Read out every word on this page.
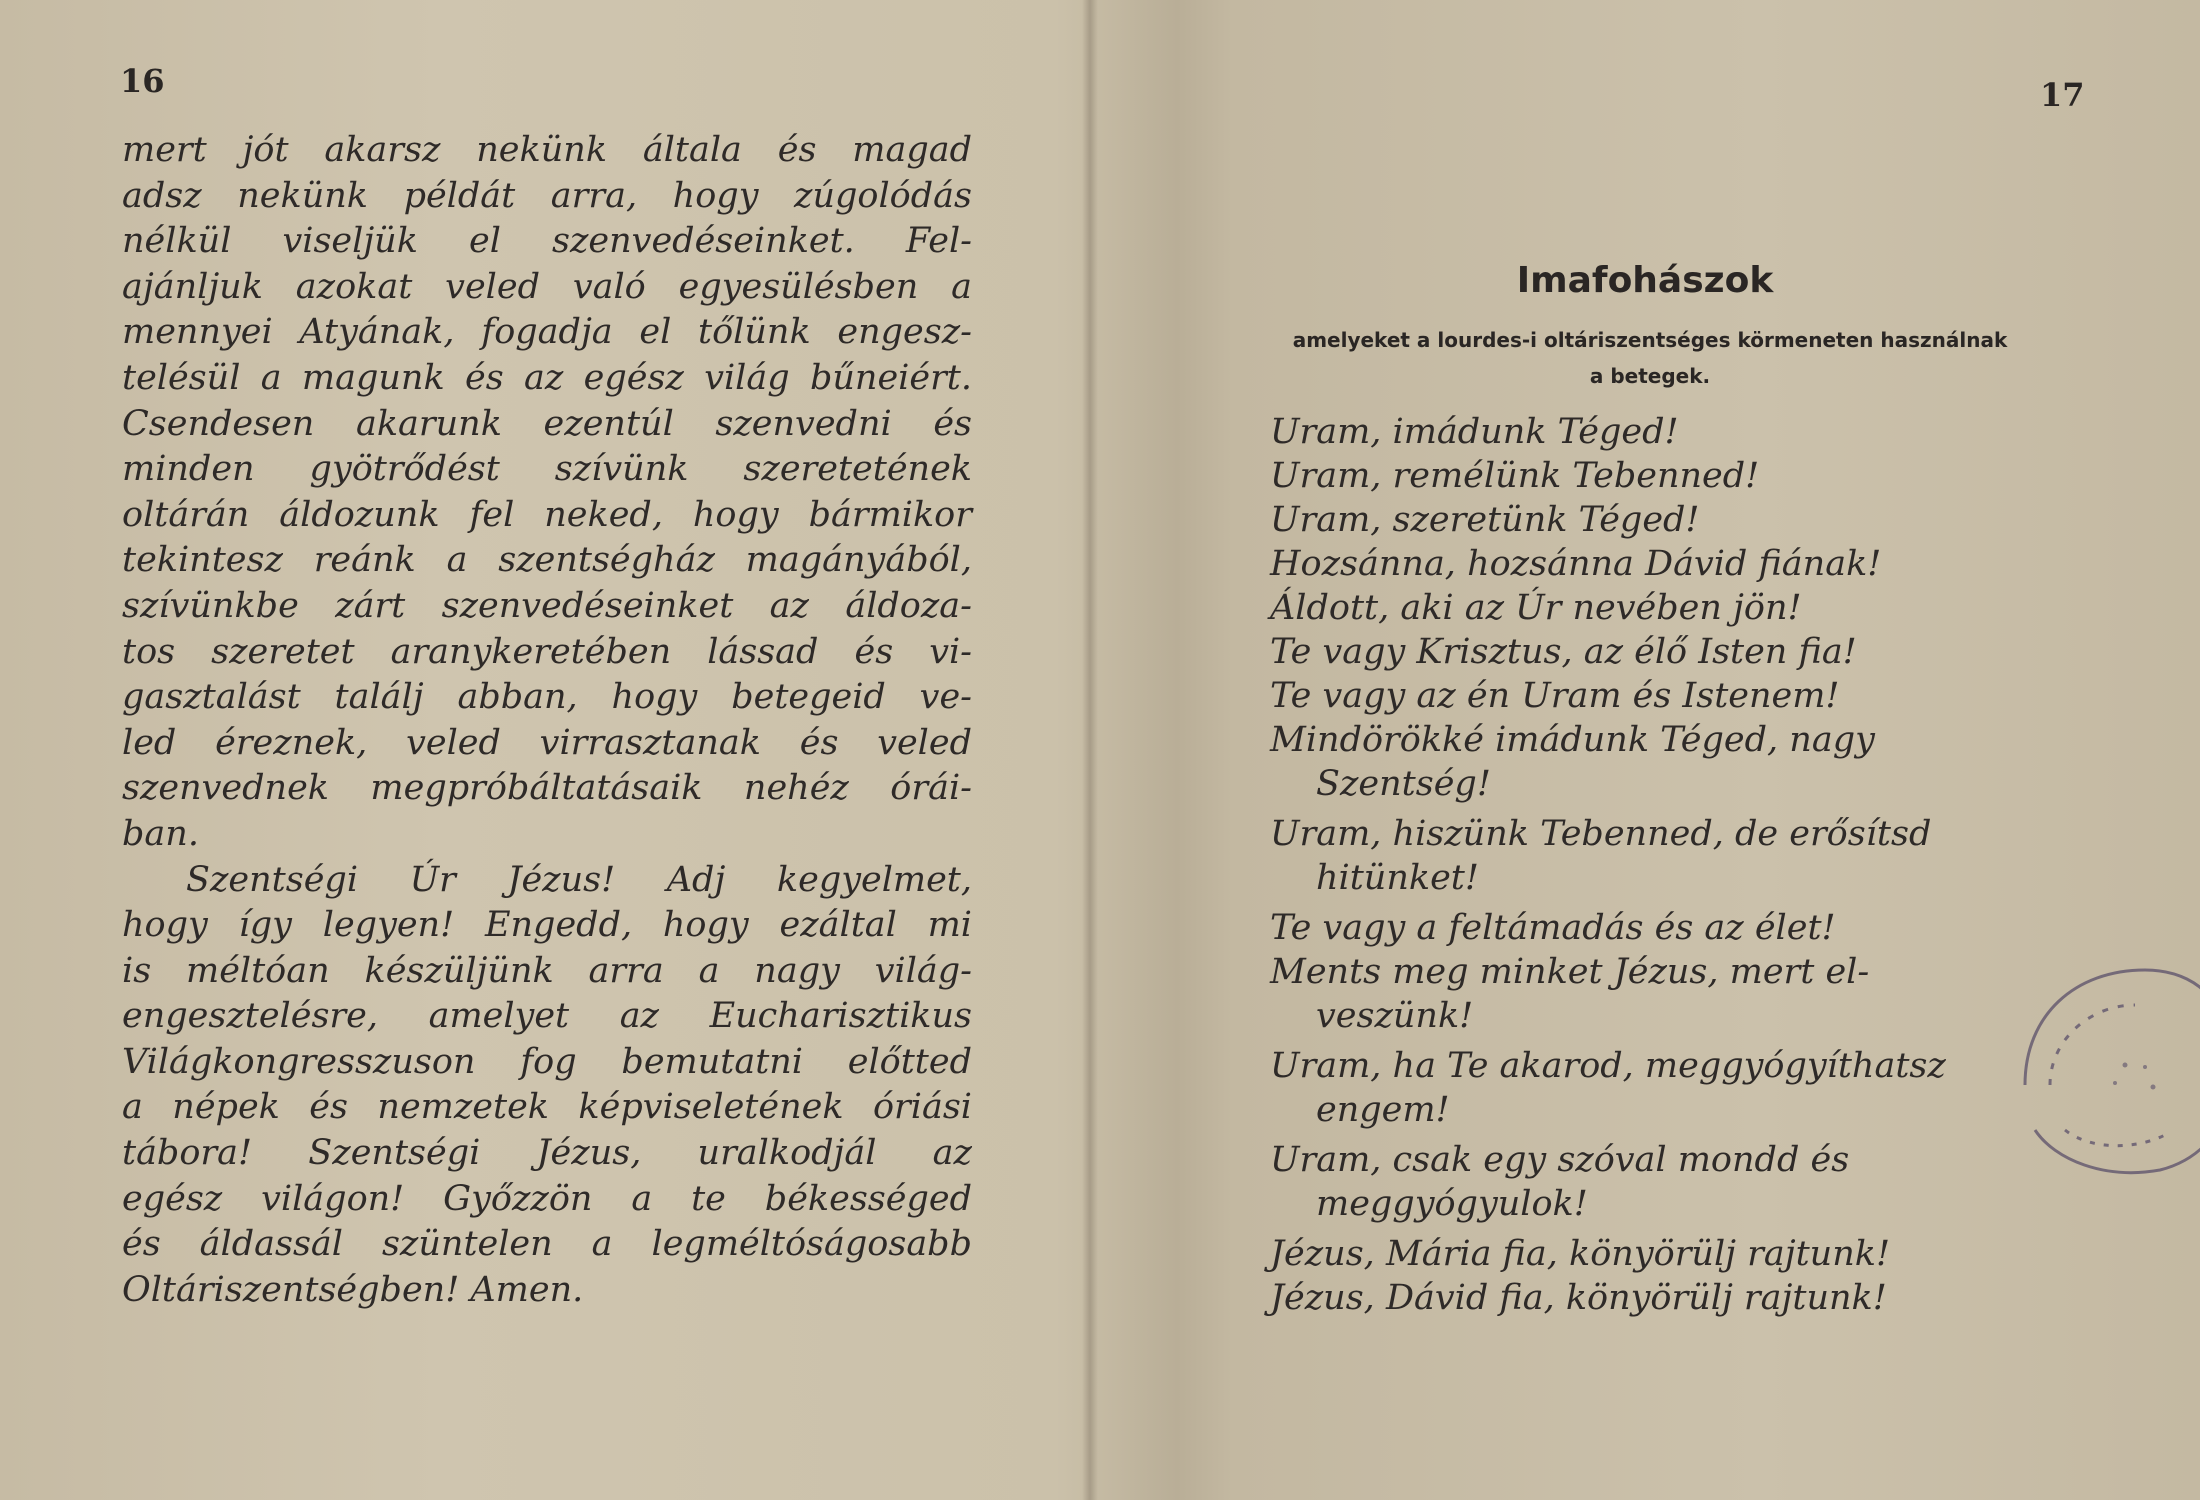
16
mert jót akarsz nekünk általa és magad
adsz nekünk példát arra, hogy zúgolódás
nélkül viseljük el szenvedéseinket. Fel-
ajánljuk azokat veled való egyesülésben a
mennyei Atyának, fogadja el tőlünk engesz-
telésül a magunk és az egész világ bűneiért.
Csendesen akarunk ezentúl szenvedni és
minden gyötrődést szívünk szeretetének
oltárán áldozunk fel neked, hogy bármikor
tekintesz reánk a szentségház magányából,
szívünkbe zárt szenvedéseinket az áldoza-
tos szeretet aranykeretében lássad és vi-
gasztalást találj abban, hogy betegeid ve-
led éreznek, veled virrasztanak és veled
szenvednek megpróbáltatásaik nehéz órái-
ban.
Szentségi Úr Jézus! Adj kegyelmet,
hogy így legyen! Engedd, hogy ezáltal mi
is méltóan készüljünk arra a nagy világ-
engesztelésre, amelyet az Eucharisztikus
Világkongresszuson fog bemutatni előtted
a népek és nemzetek képviseletének óriási
tábora! Szentségi Jézus, uralkodjál az
egész világon! Győzzön a te békességed
és áldassál szüntelen a legméltóságosabb
Oltáriszentségben! Amen.
17
Imafohászok
amelyeket a lourdes-i oltáriszentséges körmeneten használnak
a betegek.
Uram, imádunk Téged!
Uram, remélünk Tebenned!
Uram, szeretünk Téged!
Hozsánna, hozsánna Dávid fiának!
Áldott, aki az Úr nevében jön!
Te vagy Krisztus, az élő Isten fia!
Te vagy az én Uram és Istenem!
Mindörökké imádunk Téged, nagy
Szentség!
Uram, hiszünk Tebenned, de erősítsd
hitünket!
Te vagy a feltámadás és az élet!
Ments meg minket Jézus, mert el-
veszünk!
Uram, ha Te akarod, meggyógyíthatsz
engem!
Uram, csak egy szóval mondd és
meggyógyulok!
Jézus, Mária fia, könyörülj rajtunk!
Jézus, Dávid fia, könyörülj rajtunk!
